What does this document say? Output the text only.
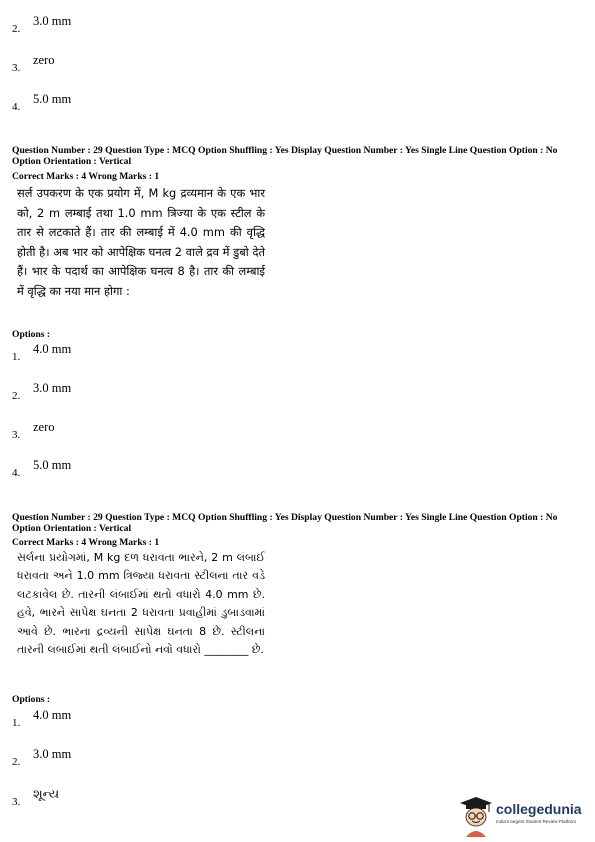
2.
3.0 mm
3.
zero
4.
5.0 mm
Question Number : 29 Question Type : MCQ Option Shuffling : Yes Display Question Number : Yes Single Line Question Option : No Option Orientation : Vertical
Correct Marks : 4 Wrong Marks : 1
सर्ल उपकरण के एक प्रयोग में, M kg द्रव्यमान के एक भार को, 2 m लम्बाई तथा 1.0 mm त्रिज्या के एक स्टील के तार से लटकाते हैं। तार की लम्बाई में 4.0 mm की वृद्धि होती है। अब भार को आपेक्षिक घनत्व 2 वाले द्रव में डुबो देते हैं। भार के पदार्थ का आपेक्षिक घनत्व 8 है। तार की लम्बाई में वृद्धि का नया मान होगा :
Options :
1.
4.0 mm
2.
3.0 mm
3.
zero
4.
5.0 mm
Question Number : 29 Question Type : MCQ Option Shuffling : Yes Display Question Number : Yes Single Line Question Option : No Option Orientation : Vertical
Correct Marks : 4 Wrong Marks : 1
સર્લના પ્રયોગમાં, M kg દળ ધરાવતા ભારને, 2 m લંબાઈ ધરાવતા અને 1.0 mm ત્રિજ્યા ધરાવતા સ્ટીલના તાર વડે લટકાવેલ છે. તારની લંબાઈમાં થતો વધારો 4.0 mm છે. હવે, ભારને સાપેક્ષ ઘનતા 2 ધરાવતા પ્રવાહીમાં ડુબાડવામાં આવે છે. ભારના દ્રવ્યની સાપેક્ષ ઘનતા 8 છે. સ્ટીલના તારની લંબાઈમાં થતી લંબાઈનો નવો વધારો ________ છે.
Options :
1.
4.0 mm
2.
3.0 mm
3.
શૂન્ય
collegedunia
India's largest Student Review Platform
